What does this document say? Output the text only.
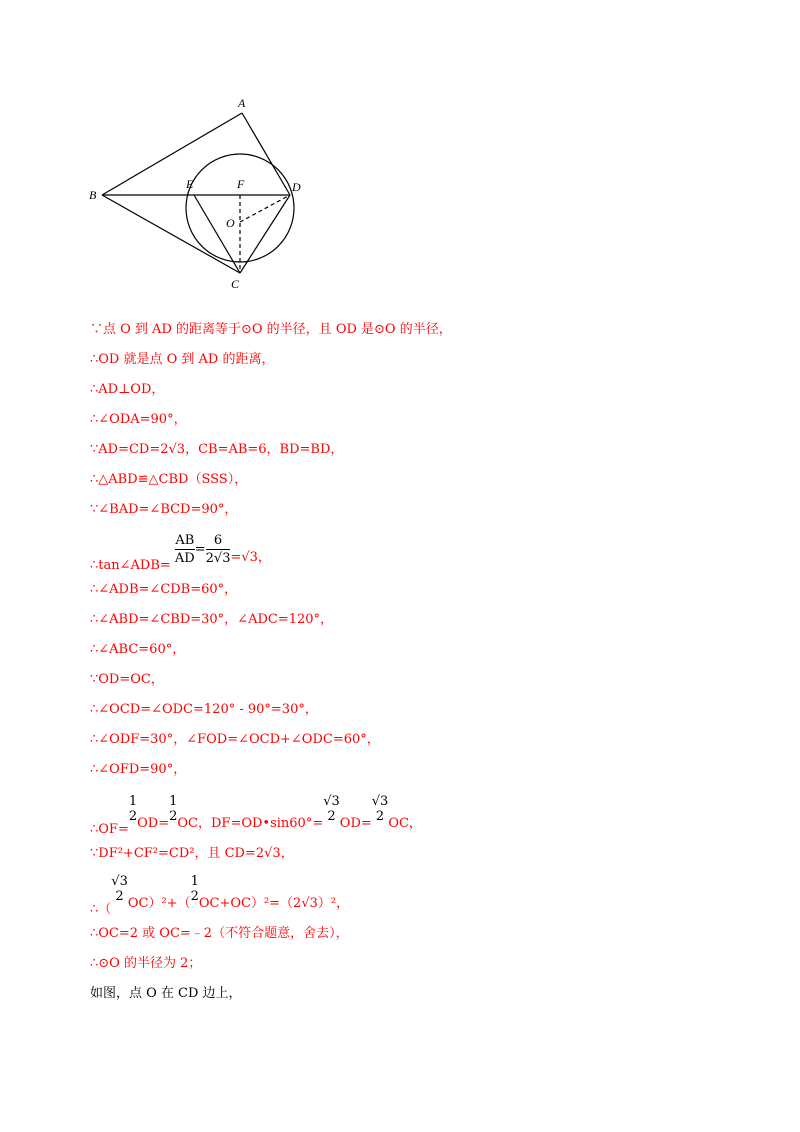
A
B
C
D
E	F
O
∵点 O 到 AD 的距离等于⊙O 的半径，且 OD 是⊙O 的半径，
∴OD 就是点 O 到 AD 的距离，
∴AD⊥OD，
∴∠ODA=90°，
∵AD=CD=2√3，CB=AB=6，BD=BD，
∴△ABD≌△CBD（SSS），
∵∠BAD=∠BCD=90°，
∴tan∠ADB= $\frac{AB}{AD} = \frac{6}{2√3} =√3$，
∴∠ADB=∠CDB=60°，
∴∠ABD=∠CBD=30°，∠ADC=120°，
∴∠ABC=60°，
∵OD=OC，
∴∠OCD=∠ODC=120° - 90°=30°，
∴∠ODF=30°，∠FOD=∠OCD+∠ODC=60°，
∴∠OFD=90°，
∴OF=
1
2 OD=
1
2 OC，DF=OD•sin60°=
√3
2 OD=
√3
2 OC，
∵DF²+CF²=CD²，且 CD=2√3，
∴（
√3
2 OC）²+（
1
2 OC+OC）²=（2√3）²，
∴OC=2 或 OC=﹣2（不符合题意，舍去），
∴⊙O 的半径为 2；
如图，点 O 在 CD 边上，
